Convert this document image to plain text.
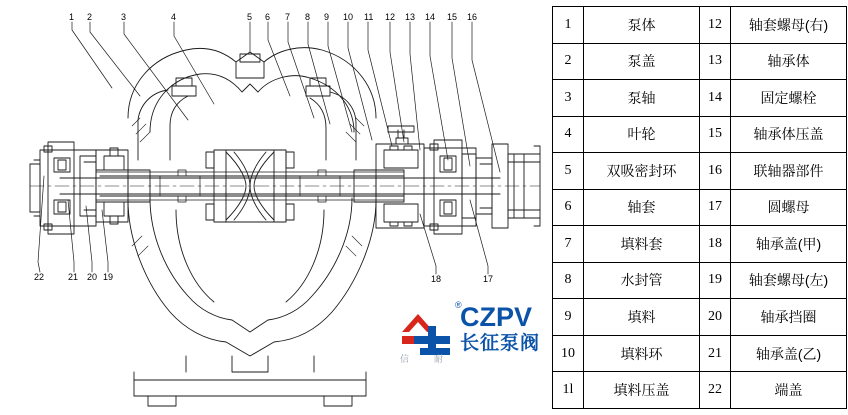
1 2	3	4	5 6 7 8 9 10 11 12 13 14 15 16
22	21 20 19	18	17
®
CZPV
长征泵阀
信	耐
1	泵体	12	轴套螺母(右)
2	泵盖	13	轴承体
3	泵轴	14	固定螺栓
4	叶轮	15	轴承体压盖
5	双吸密封环	16	联轴器部件
6	轴套	17	圆螺母
7	填料套	18	轴承盖(甲)
8	水封管	19	轴套螺母(左)
9	填料	20	轴承挡圈
10	填料环	21	轴承盖(乙)
1l	填料压盖	22	端盖
